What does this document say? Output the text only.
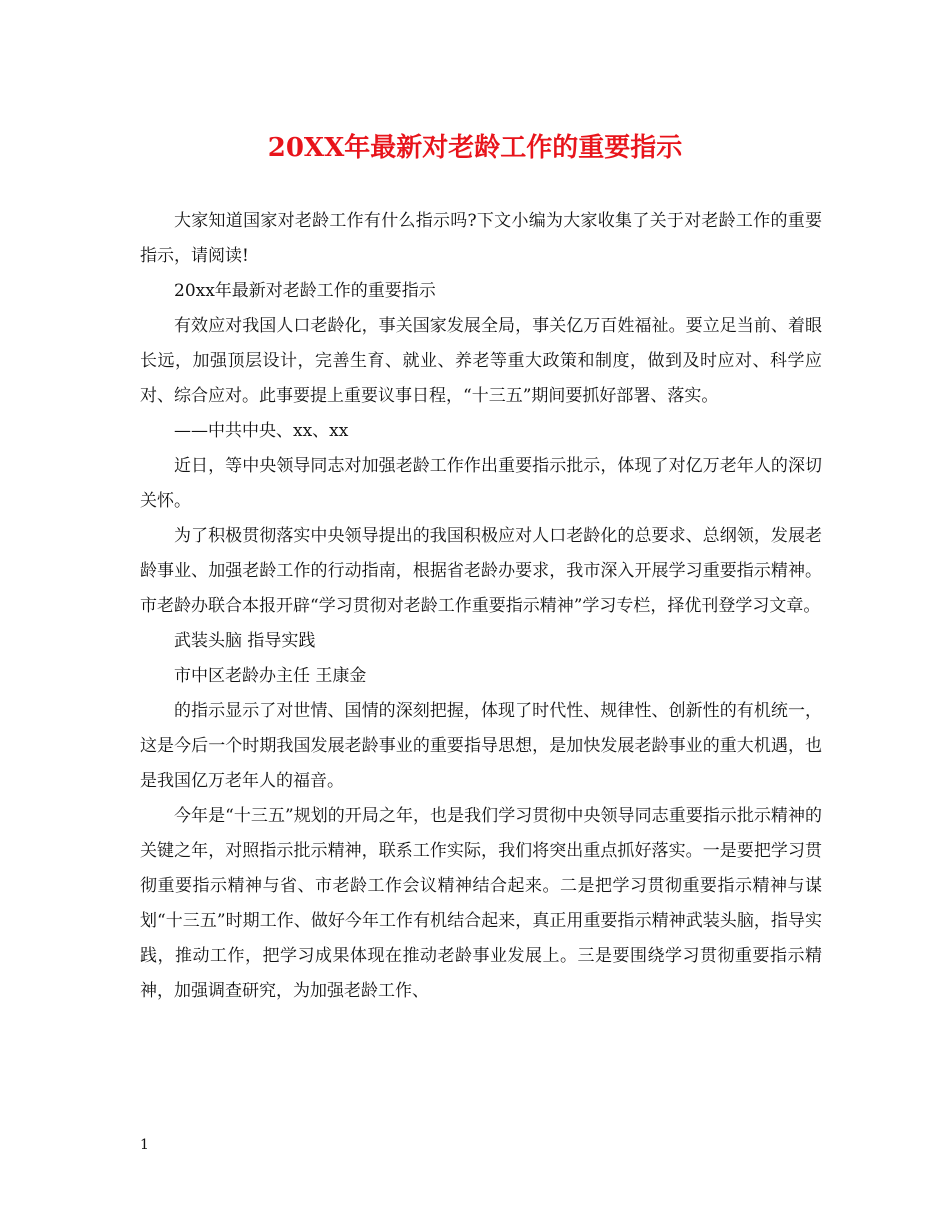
20XX年最新对老龄工作的重要指示

大家知道国家对老龄工作有什么指示吗?下文小编为大家收集了关于对老龄工作的重要指示，请阅读!

20xx年最新对老龄工作的重要指示

有效应对我国人口老龄化，事关国家发展全局，事关亿万百姓福祉。要立足当前、着眼长远，加强顶层设计，完善生育、就业、养老等重大政策和制度，做到及时应对、科学应对、综合应对。此事要提上重要议事日程，“十三五”期间要抓好部署、落实。

——中共中央、xx、xx

近日，等中央领导同志对加强老龄工作作出重要指示批示，体现了对亿万老年人的深切关怀。

为了积极贯彻落实中央领导提出的我国积极应对人口老龄化的总要求、总纲领，发展老龄事业、加强老龄工作的行动指南，根据省老龄办要求，我市深入开展学习重要指示精神。市老龄办联合本报开辟“学习贯彻对老龄工作重要指示精神”学习专栏，择优刊登学习文章。

武装头脑 指导实践

市中区老龄办主任 王康金

的指示显示了对世情、国情的深刻把握，体现了时代性、规律性、创新性的有机统一，这是今后一个时期我国发展老龄事业的重要指导思想，是加快发展老龄事业的重大机遇，也是我国亿万老年人的福音。

今年是“十三五”规划的开局之年，也是我们学习贯彻中央领导同志重要指示批示精神的关键之年，对照指示批示精神，联系工作实际，我们将突出重点抓好落实。一是要把学习贯彻重要指示精神与省、市老龄工作会议精神结合起来。二是把学习贯彻重要指示精神与谋划“十三五”时期工作、做好今年工作有机结合起来，真正用重要指示精神武装头脑，指导实践，推动工作，把学习成果体现在推动老龄事业发展上。三是要围绕学习贯彻重要指示精神，加强调查研究，为加强老龄工作、

1
